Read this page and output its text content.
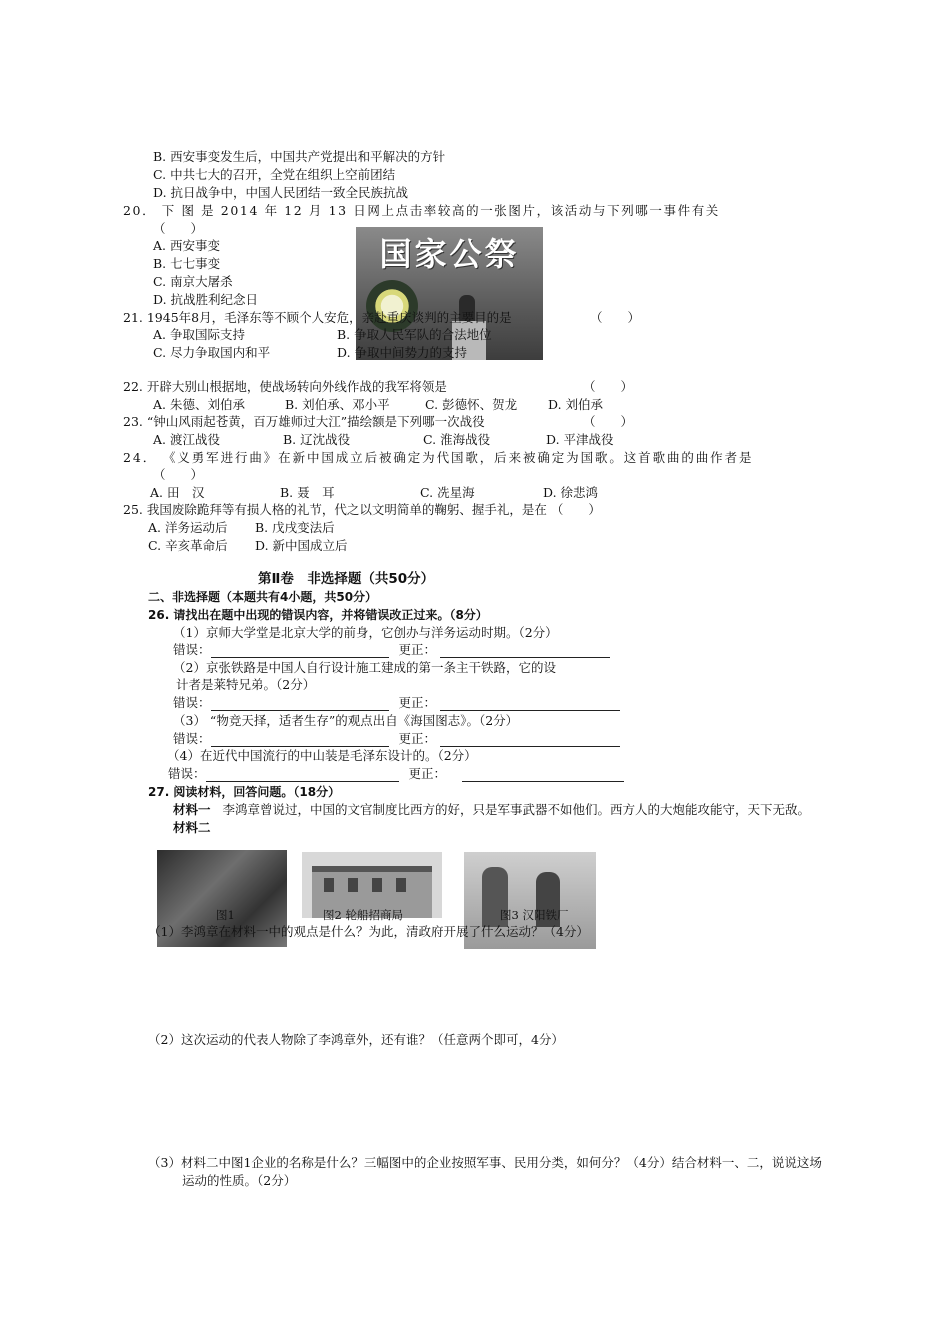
B. 西安事变发生后，中国共产党提出和平解决的方针
C. 中共七大的召开，全党在组织上空前团结
D. 抗日战争中，中国人民团结一致全民族抗战
20． 下 图 是 2014 年 12 月 13 日网上点击率较高的一张图片，该活动与下列哪一事件有关
（　　）
A. 西安事变
B. 七七事变
C. 南京大屠杀
D. 抗战胜利纪念日
国家公祭
21. 1945年8月，毛泽东等不顾个人安危，亲赴重庆谈判的主要目的是	（　　）
A. 争取国际支持	B. 争取人民军队的合法地位
C. 尽力争取国内和平	D. 争取中间势力的支持
22. 开辟大别山根据地，使战场转向外线作战的我军将领是	（　　）
A. 朱德、刘伯承	B. 刘伯承、邓小平	C. 彭德怀、贺龙 D. 刘伯承
23. “钟山风雨起苍黄，百万雄师过大江”描绘额是下列哪一次战役	（　　）
A. 渡江战役	B. 辽沈战役	C. 淮海战役	D. 平津战役
24． 《义勇军进行曲》在新中国成立后被确定为代国歌，后来被确定为国歌。这首歌曲的曲作者是
（　　）
A. 田　汉	B. 聂　耳	C. 冼星海	D. 徐悲鸿
25. 我国废除跪拜等有损人格的礼节，代之以文明简单的鞠躬、握手礼，是在 （　　）
A. 洋务运动后 B. 戊戌变法后
C. 辛亥革命后 D. 新中国成立后
第Ⅱ卷　非选择题（共50分）
二、非选择题（本题共有4小题，共50分）
26. 请找出在题中出现的错误内容，并将错误改正过来。（8分）
（1）京师大学堂是北京大学的前身，它创办与洋务运动时期。（2分）
错误：	更正：
（2）京张铁路是中国人自行设计施工建成的第一条主干铁路，它的设
计者是莱特兄弟。（2分）
错误：	更正：
（3） “物竞天择，适者生存”的观点出自《海国图志》。（2分）
错误：	更正：
（4）在近代中国流行的中山装是毛泽东设计的。（2分）
错误：	更正：
27. 阅读材料，回答问题。（18分）
材料一 李鸿章曾说过，中国的文官制度比西方的好，只是军事武器不如他们。西方人的大炮能攻能守，天下无敌。
材料二
图1	图2 轮船招商局	图3 汉阳铁厂
（1）李鸿章在材料一中的观点是什么？为此，清政府开展了什么运动？（4分）
（2）这次运动的代表人物除了李鸿章外，还有谁？（任意两个即可，4分）
（3）材料二中图1企业的名称是什么？三幅图中的企业按照军事、民用分类，如何分？（4分）结合材料一、二，说说这场
运动的性质。（2分）
